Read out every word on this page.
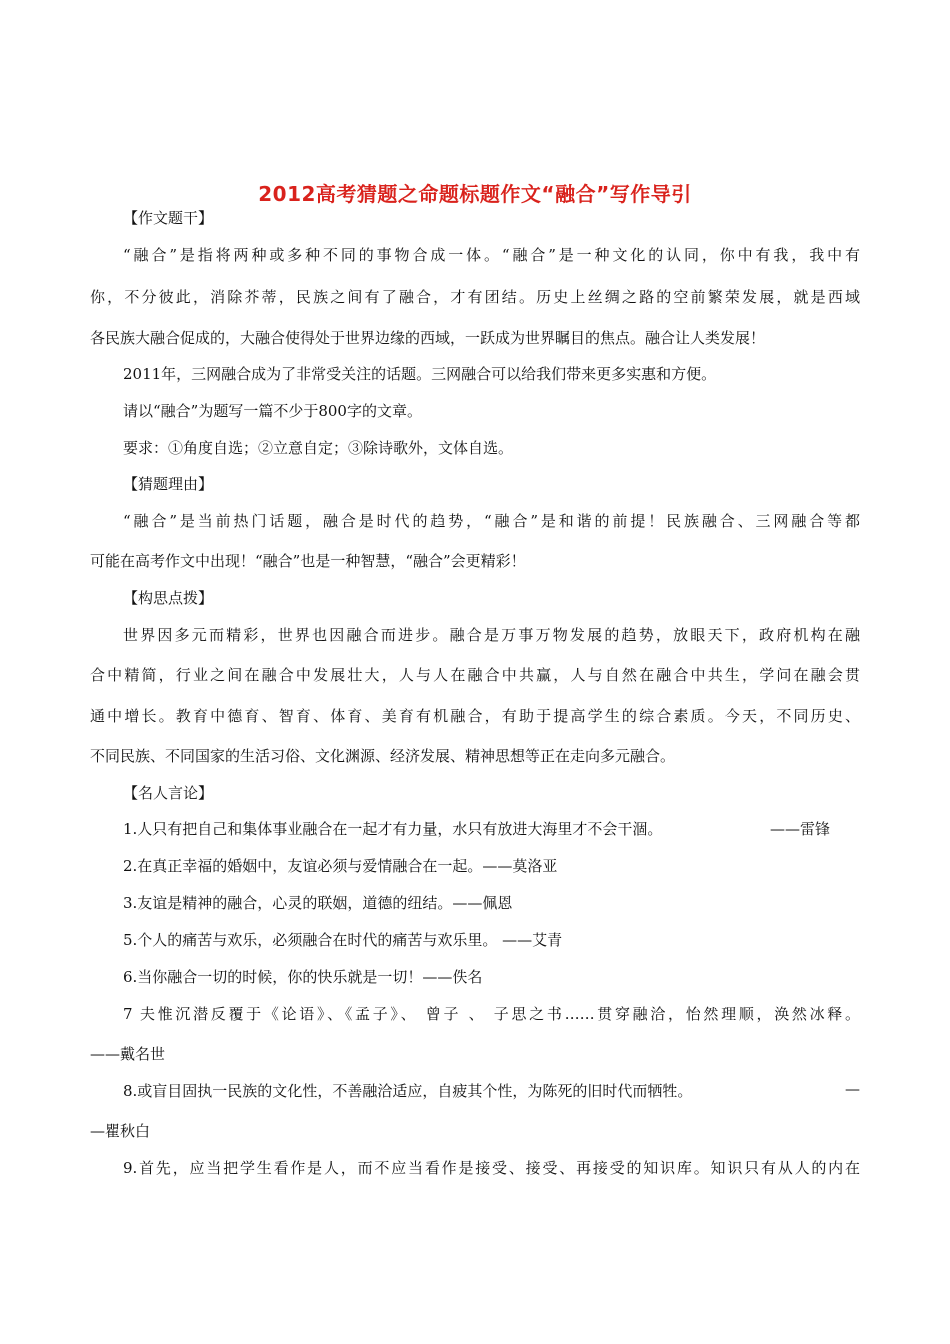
2012高考猜题之命题标题作文“融合”写作导引
【作文题干】
“融合”是指将两种或多种不同的事物合成一体。“融合”是一种文化的认同，你中有我，我中有
你，不分彼此，消除芥蒂，民族之间有了融合，才有团结。历史上丝绸之路的空前繁荣发展，就是西域
各民族大融合促成的，大融合使得处于世界边缘的西域，一跃成为世界瞩目的焦点。融合让人类发展！
2011年，三网融合成为了非常受关注的话题。三网融合可以给我们带来更多实惠和方便。
请以“融合”为题写一篇不少于800字的文章。
要求：①角度自选；②立意自定；③除诗歌外，文体自选。
【猜题理由】
“融合”是当前热门话题，融合是时代的趋势，“融合”是和谐的前提！民族融合、三网融合等都
可能在高考作文中出现！“融合”也是一种智慧，“融合”会更精彩！
【构思点拨】
世界因多元而精彩，世界也因融合而进步。融合是万事万物发展的趋势，放眼天下，政府机构在融
合中精简，行业之间在融合中发展壮大，人与人在融合中共赢，人与自然在融合中共生，学问在融会贯
通中增长。教育中德育、智育、体育、美育有机融合，有助于提高学生的综合素质。今天，不同历史、
不同民族、不同国家的生活习俗、文化渊源、经济发展、精神思想等正在走向多元融合。
【名人言论】
1.人只有把自己和集体事业融合在一起才有力量，水只有放进大海里才不会干涸。	——雷锋
2.在真正幸福的婚姻中，友谊必须与爱情融合在一起。——莫洛亚
3.友谊是精神的融合，心灵的联姻，道德的纽结。——佩恩
5.个人的痛苦与欢乐，必须融合在时代的痛苦与欢乐里。 ——艾青
6.当你融合一切的时候，你的快乐就是一切！——佚名
7 夫惟沉潜反覆于《论语》、《孟子》、 曾子 、 子思之书……贯穿融洽，怡然理顺，涣然冰释。
——戴名世
8.或盲目固执一民族的文化性，不善融洽适应，自疲其个性，为陈死的旧时代而牺牲。	—
—瞿秋白
9.首先，应当把学生看作是人，而不应当看作是接受、接受、再接受的知识库。知识只有从人的内在
